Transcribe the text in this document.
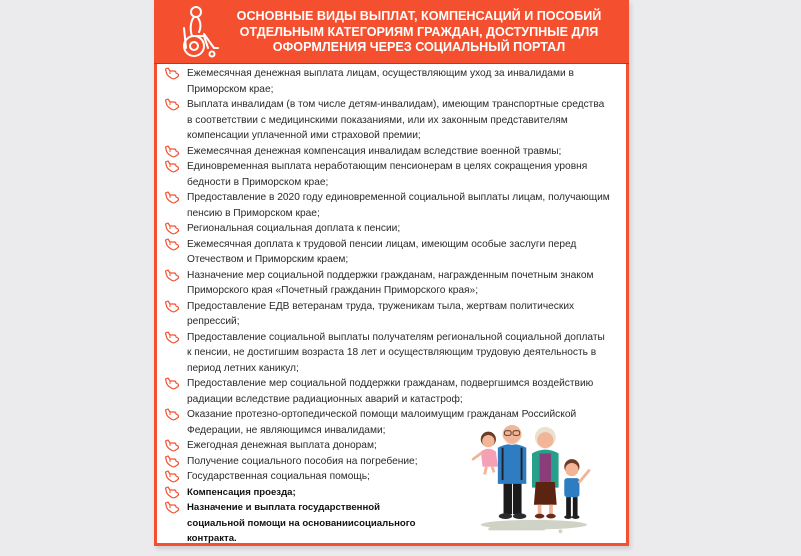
ОСНОВНЫЕ ВИДЫ ВЫПЛАТ, КОМПЕНСАЦИЙ И ПОСОБИЙ
ОТДЕЛЬНЫМ КАТЕГОРИЯМ ГРАЖДАН, ДОСТУПНЫЕ ДЛЯ
ОФОРМЛЕНИЯ ЧЕРЕЗ СОЦИАЛЬНЫЙ ПОРТАЛ
Ежемесячная денежная выплата лицам, осуществляющим уход за инвалидами в Приморском крае;
Выплата инвалидам (в том числе детям-инвалидам), имеющим транспортные средства в соответствии с медицинскими показаниями, или их законным представителям компенсации уплаченной ими страховой премии;
Ежемесячная денежная компенсация инвалидам вследствие военной травмы;
Единовременная выплата неработающим пенсионерам в целях сокращения уровня бедности в Приморском крае;
Предоставление в 2020 году единовременной социальной выплаты лицам, получающим пенсию в Приморском крае;
Региональная социальная доплата к пенсии;
Ежемесячная доплата к трудовой пенсии лицам, имеющим особые заслуги перед Отечеством и Приморским краем;
Назначение мер социальной поддержки гражданам, награжденным почетным знаком Приморского края «Почетный гражданин Приморского края»;
Предоставление ЕДВ ветеранам труда, труженикам тыла, жертвам политических репрессий;
Предоставление социальной выплаты получателям региональной социальной доплаты к пенсии, не достигшим возраста 18 лет и осуществляющим трудовую деятельность в период летних каникул;
Предоставление мер социальной поддержки гражданам, подвергшимся воздействию радиации вследствие радиационных аварий и катастроф;
Оказание протезно-ортопедической помощи малоимущим гражданам Российской Федерации, не являющимся инвалидами;
Ежегодная денежная выплата донорам;
Получение социального пособия на погребение;
Государственная социальная помощь;
Компенсация проезда;
Назначение и выплата государственной социальной помощи на основаниисоциального контракта.
